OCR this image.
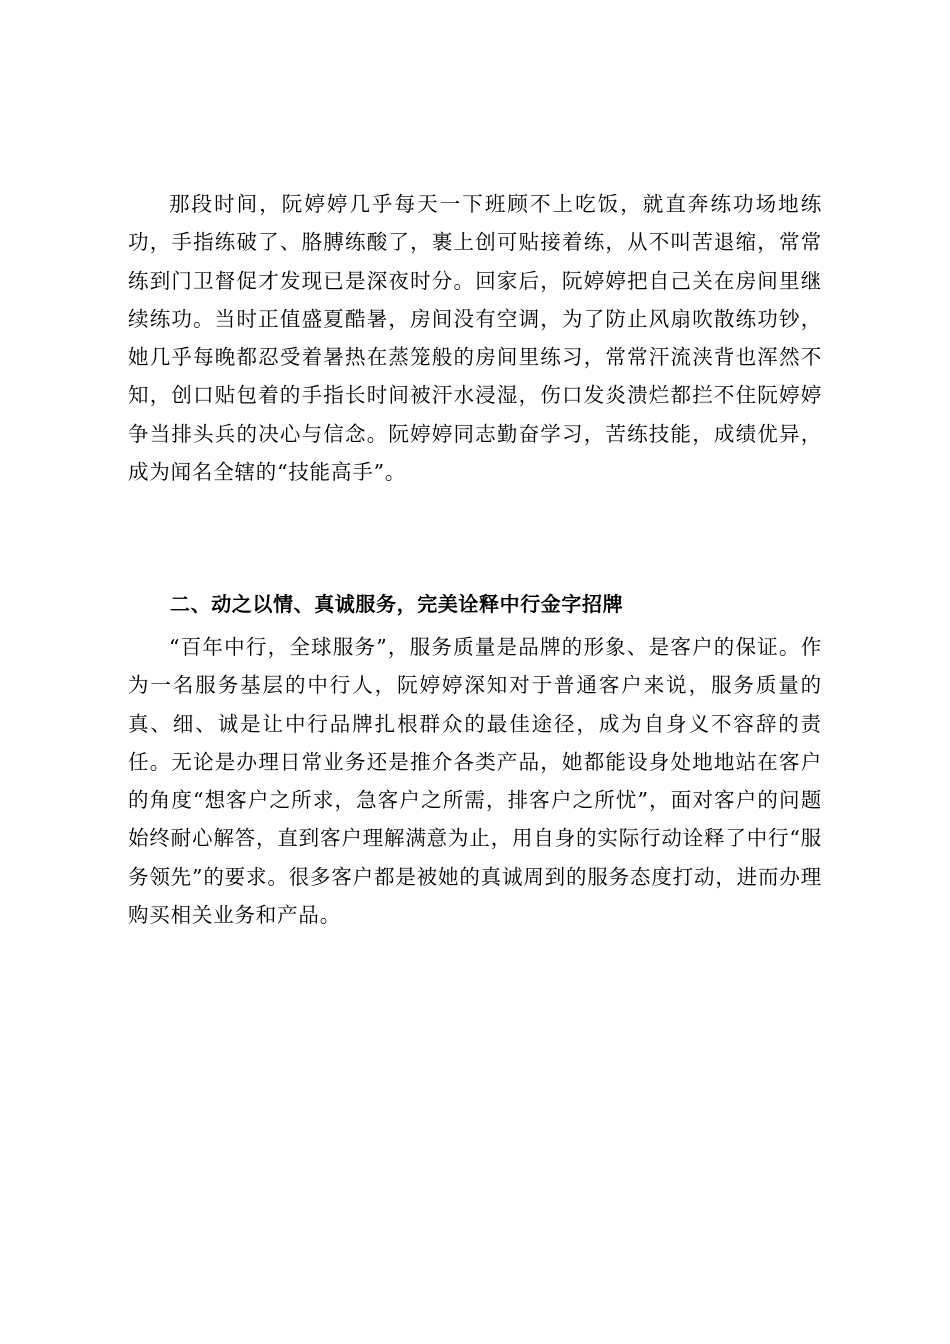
那段时间，阮婷婷几乎每天一下班顾不上吃饭，就直奔练功场地练功，手指练破了、胳膊练酸了，裹上创可贴接着练，从不叫苦退缩，常常练到门卫督促才发现已是深夜时分。回家后，阮婷婷把自己关在房间里继续练功。当时正值盛夏酷暑，房间没有空调，为了防止风扇吹散练功钞，她几乎每晚都忍受着暑热在蒸笼般的房间里练习，常常汗流浃背也浑然不知，创口贴包着的手指长时间被汗水浸湿，伤口发炎溃烂都拦不住阮婷婷争当排头兵的决心与信念。阮婷婷同志勤奋学习，苦练技能，成绩优异，成为闻名全辖的“技能高手”。

二、动之以情、真诚服务，完美诠释中行金字招牌

“百年中行，全球服务”，服务质量是品牌的形象、是客户的保证。作为一名服务基层的中行人，阮婷婷深知对于普通客户来说，服务质量的真、细、诚是让中行品牌扎根群众的最佳途径，成为自身义不容辞的责任。无论是办理日常业务还是推介各类产品，她都能设身处地地站在客户的角度“想客户之所求，急客户之所需，排客户之所忧”，面对客户的问题始终耐心解答，直到客户理解满意为止，用自身的实际行动诠释了中行“服务领先”的要求。很多客户都是被她的真诚周到的服务态度打动，进而办理购买相关业务和产品。
